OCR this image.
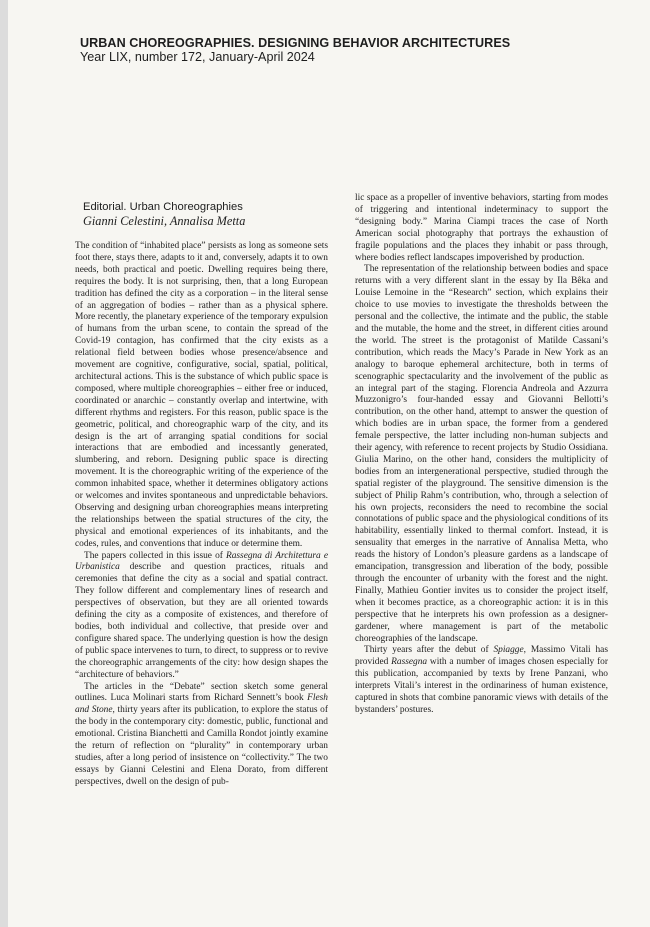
URBAN CHOREOGRAPHIES. DESIGNING BEHAVIOR ARCHITECTURES
Year LIX, number 172, January-April 2024
Editorial. Urban Choreographies
Gianni Celestini, Annalisa Metta

The condition of “inhabited place” persists as long as someone sets foot there, stays there, adapts to it and, conversely, adapts it to own needs, both practical and poetic. Dwelling requires being there, requires the body. It is not surprising, then, that a long European tradition has defined the city as a corporation – in the literal sense of an aggregation of bodies – rather than as a physical sphere. More recently, the planetary experience of the temporary expulsion of humans from the urban scene, to contain the spread of the Covid-19 contagion, has confirmed that the city exists as a relational field between bodies whose presence/absence and movement are cognitive, configurative, social, spatial, political, architectural actions. This is the substance of which public space is composed, where multiple choreographies – either free or induced, coordinated or anarchic – constantly overlap and intertwine, with different rhythms and registers. For this reason, public space is the geometric, political, and choreographic warp of the city, and its design is the art of arranging spatial conditions for social interactions that are embodied and incessantly generated, slumbering, and reborn. Designing public space is directing movement. It is the choreographic writing of the experience of the common inhabited space, whether it determines obligatory actions or welcomes and invites spontaneous and unpredictable behaviors. Observing and designing urban choreographies means interpreting the relationships between the spatial structures of the city, the physical and emotional experiences of its inhabitants, and the codes, rules, and conventions that induce or determine them.

The papers collected in this issue of Rassegna di Architettura e Urbanistica describe and question practices, rituals and ceremonies that define the city as a social and spatial contract. They follow different and complementary lines of research and perspectives of observation, but they are all oriented towards defining the city as a composite of existences, and therefore of bodies, both individual and collective, that preside over and configure shared space. The underlying question is how the design of public space intervenes to turn, to direct, to suppress or to revive the choreographic arrangements of the city: how design shapes the “architecture of behaviors.”

The articles in the “Debate” section sketch some general outlines. Luca Molinari starts from Richard Sennett’s book Flesh and Stone, thirty years after its publication, to explore the status of the body in the contemporary city: domestic, public, functional and emotional. Cristina Bianchetti and Camilla Rondot jointly examine the return of reflection on “plurality” in contemporary urban studies, after a long period of insistence on “collectivity.” The two essays by Gianni Celestini and Elena Dorato, from different perspectives, dwell on the design of pub-

lic space as a propeller of inventive behaviors, starting from modes of triggering and intentional indeterminacy to support the “designing body.” Marina Ciampi traces the case of North American social photography that portrays the exhaustion of fragile populations and the places they inhabit or pass through, where bodies reflect landscapes impoverished by production.

The representation of the relationship between bodies and space returns with a very different slant in the essay by Ila Bêka and Louise Lemoine in the “Research” section, which explains their choice to use movies to investigate the thresholds between the personal and the collective, the intimate and the public, the stable and the mutable, the home and the street, in different cities around the world. The street is the protagonist of Matilde Cassani’s contribution, which reads the Macy’s Parade in New York as an analogy to baroque ephemeral architecture, both in terms of scenographic spectacularity and the involvement of the public as an integral part of the staging. Florencia Andreola and Azzurra Muzzonigro’s four-handed essay and Giovanni Bellotti’s contribution, on the other hand, attempt to answer the question of which bodies are in urban space, the former from a gendered female perspective, the latter including non-human subjects and their agency, with reference to recent projects by Studio Ossidiana. Giulia Marino, on the other hand, considers the multiplicity of bodies from an intergenerational perspective, studied through the spatial register of the playground. The sensitive dimension is the subject of Philip Rahm’s contribution, who, through a selection of his own projects, reconsiders the need to recombine the social connotations of public space and the physiological conditions of its habitability, essentially linked to thermal comfort. Instead, it is sensuality that emerges in the narrative of Annalisa Metta, who reads the history of London’s pleasure gardens as a landscape of emancipation, transgression and liberation of the body, possible through the encounter of urbanity with the forest and the night. Finally, Mathieu Gontier invites us to consider the project itself, when it becomes practice, as a choreographic action: it is in this perspective that he interprets his own profession as a designer-gardener, where management is part of the metabolic choreographies of the landscape.

Thirty years after the debut of Spiagge, Massimo Vitali has provided Rassegna with a number of images chosen especially for this publication, accompanied by texts by Irene Panzani, who interprets Vitali’s interest in the ordinariness of human existence, captured in shots that combine panoramic views with details of the bystanders’ postures.
